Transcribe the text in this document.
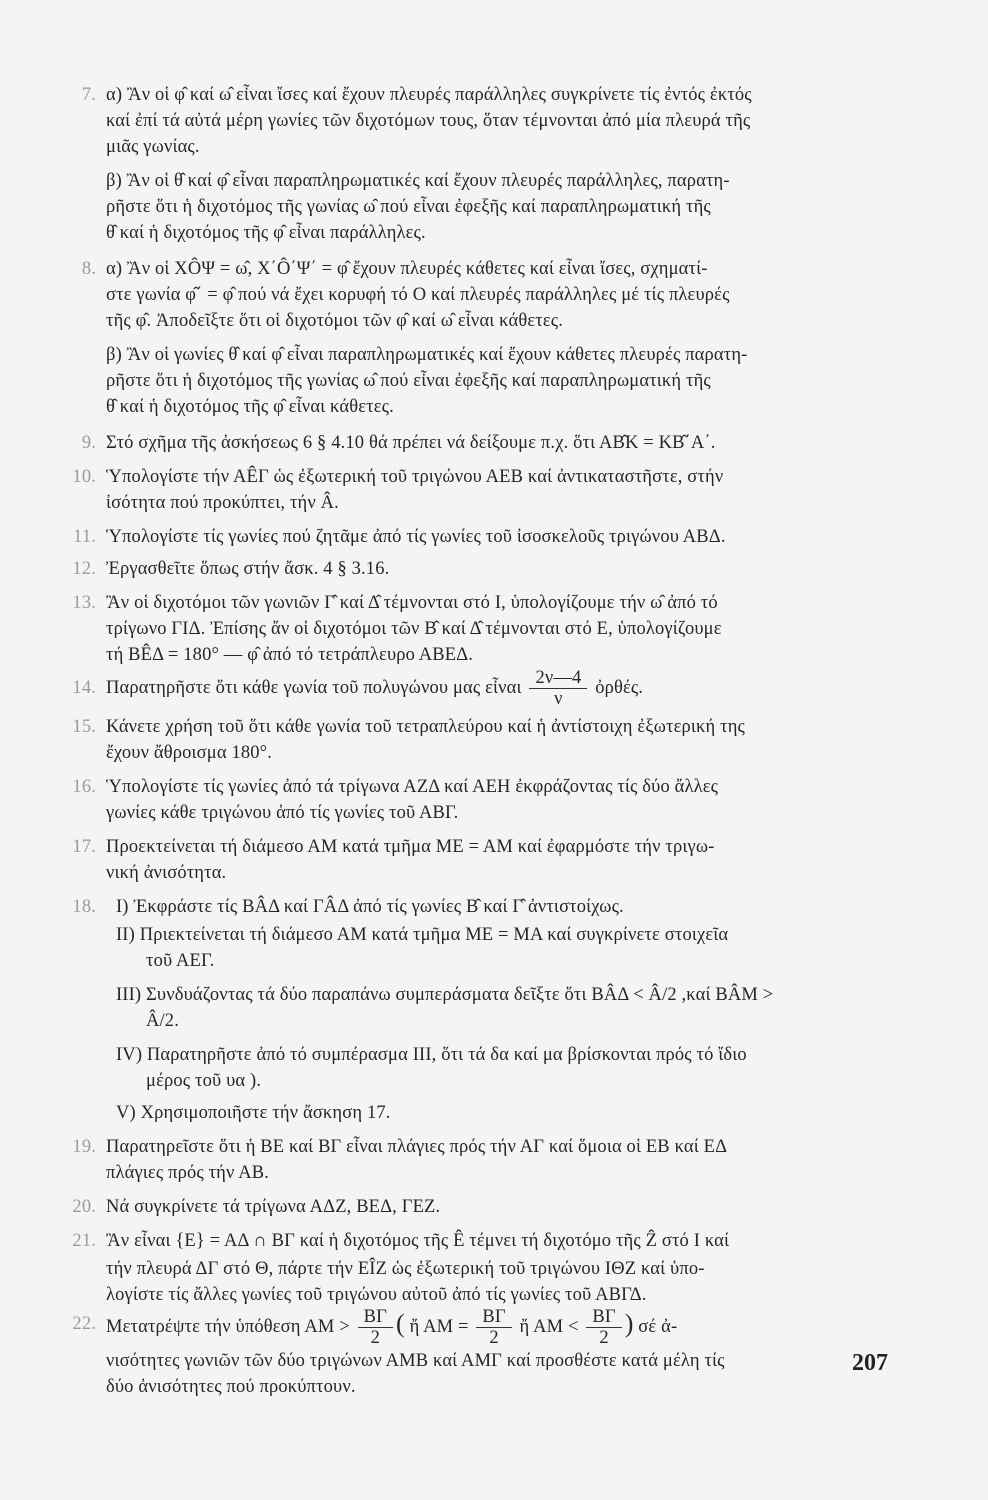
7. α) Ἂν οἱ φ̂ καί ω̂ εἶναι ἴσες καί ἔχουν πλευρές παράλληλες συγκρίνετε τίς ἐντός ἐκτός
καί ἐπί τά αὐτά μέρη γωνίες τῶν διχοτόμων τους, ὅταν τέμνονται ἀπό μία πλευρά τῆς
μιᾶς γωνίας.
β) Ἂν οἱ θ̂ καί φ̂ εἶναι παραπληρωματικές καί ἔχουν πλευρές παράλληλες, παρατη-
ρῆστε ὅτι ἡ διχοτόμος τῆς γωνίας ω̂ πού εἶναι ἐφεξῆς καί παραπληρωματική τῆς
θ̂ καί ἡ διχοτόμος τῆς φ̂ εἶναι παράλληλες.
8. α) Ἂν οἱ ΧÔΨ = ω̂, Χ΄Ô΄Ψ΄ = φ̂ ἔχουν πλευρές κάθετες καί εἶναι ἴσες, σχηματί-
στε γωνία φ̂΄ = φ̂ πού νά ἔχει κορυφή τό Ο καί πλευρές παράλληλες μέ τίς πλευρές
τῆς φ̂. Ἀποδεῖξτε ὅτι οἱ διχοτόμοι τῶν φ̂ καί ω̂ εἶναι κάθετες.
β) Ἂν οἱ γωνίες θ̂ καί φ̂ εἶναι παραπληρωματικές καί ἔχουν κάθετες πλευρές παρατη-
ρῆστε ὅτι ἡ διχοτόμος τῆς γωνίας ω̂ πού εἶναι ἐφεξῆς καί παραπληρωματική τῆς
θ̂ καί ἡ διχοτόμος τῆς φ̂ εἶναι κάθετες.
9. Στό σχῆμα τῆς ἀσκήσεως 6 § 4.10 θά πρέπει νά δείξουμε π.χ. ὅτι ΑΒ̂Κ = ΚΒ̂΄Α΄.
10. Ὑπολογίστε τήν ΑÊΓ ὡς ἐξωτερική τοῦ τριγώνου ΑΕΒ καί ἀντικαταστῆστε, στήν
ἰσότητα πού προκύπτει, τήν Â.
11. Ὑπολογίστε τίς γωνίες πού ζητᾶμε ἀπό τίς γωνίες τοῦ ἰσοσκελοῦς τριγώνου ΑΒΔ.
12. Ἐργασθεῖτε ὅπως στήν ἄσκ. 4 § 3.16.
13. Ἂν οἱ διχοτόμοι τῶν γωνιῶν Γ̂ καί Δ̂ τέμνονται στό Ι, ὑπολογίζουμε τήν ω̂ ἀπό τό
τρίγωνο ΓΙΔ. Ἐπίσης ἄν οἱ διχοτόμοι τῶν Β̂ καί Δ̂ τέμνονται στό Ε, ὑπολογίζουμε
τή ΒÊΔ = 180° — φ̂ ἀπό τό τετράπλευρο ΑΒΕΔ.
14. Παρατηρῆστε ὅτι κάθε γωνία τοῦ πολυγώνου μας εἶναι $\frac{2\nu—4}{\nu}$ ὀρθές.
15. Κάνετε χρήση τοῦ ὅτι κάθε γωνία τοῦ τετραπλεύρου καί ἡ ἀντίστοιχη ἐξωτερική της
ἔχουν ἄθροισμα 180°.
16. Ὑπολογίστε τίς γωνίες ἀπό τά τρίγωνα ΑΖΔ καί ΑΕΗ ἐκφράζοντας τίς δύο ἄλλες
γωνίες κάθε τριγώνου ἀπό τίς γωνίες τοῦ ΑΒΓ.
17. Προεκτείνεται τή διάμεσο ΑΜ κατά τμῆμα ΜΕ = ΑΜ καί ἐφαρμόστε τήν τριγω-
νική ἀνισότητα.
18. I) Ἐκφράστε τίς ΒÂΔ καί ΓÂΔ ἀπό τίς γωνίες Β̂ καί Γ̂ ἀντιστοίχως.
II) Πριεκτείνεται τή διάμεσο ΑΜ κατά τμῆμα ΜΕ = ΜΑ καί συγκρίνετε στοιχεῖα
τοῦ ΑΕΓ.
III) Συνδυάζοντας τά δύο παραπάνω συμπεράσματα δεῖξτε ὅτι ΒÂΔ < Â/2 ,καί ΒÂΜ >
Â/2.
IV) Παρατηρῆστε ἀπό τό συμπέρασμα ΙΙΙ, ὅτι τά δα καί μα βρίσκονται πρός τό ἴδιο
μέρος τοῦ υα ).
V) Χρησιμοποιῆστε τήν ἄσκηση 17.
19. Παρατηρεῖστε ὅτι ἡ ΒΕ καί ΒΓ εἶναι πλάγιες πρός τήν ΑΓ καί ὅμοια οἱ ΕΒ καί ΕΔ
πλάγιες πρός τήν ΑΒ.
20. Νά συγκρίνετε τά τρίγωνα ΑΔΖ, ΒΕΔ, ΓΕΖ.
21. Ἂν εἶναι {Ε} = ΑΔ ∩ ΒΓ καί ἡ διχοτόμος τῆς Ê τέμνει τή διχοτόμο τῆς Ẑ στό Ι καί
τήν πλευρά ΔΓ στό Θ, πάρτε τήν ΕÎΖ ὡς ἐξωτερική τοῦ τριγώνου ΙΘΖ καί ὑπο-
λογίστε τίς ἄλλες γωνίες τοῦ τριγώνου αὐτοῦ ἀπό τίς γωνίες τοῦ ΑΒΓΔ.
22. Μετατρέψτε τήν ὑπόθεση $AM > \frac{B\Gamma}{2}$ ( ἤ $AM = \frac{B\Gamma}{2}$ ἤ $AM < \frac{B\Gamma}{2}$ ) σέ ἀ-
νισότητες γωνιῶν τῶν δύο τριγώνων ΑΜΒ καί ΑΜΓ καί προσθέστε κατά μέλη τίς
δύο ἀνισότητες πού προκύπτουν.
207
